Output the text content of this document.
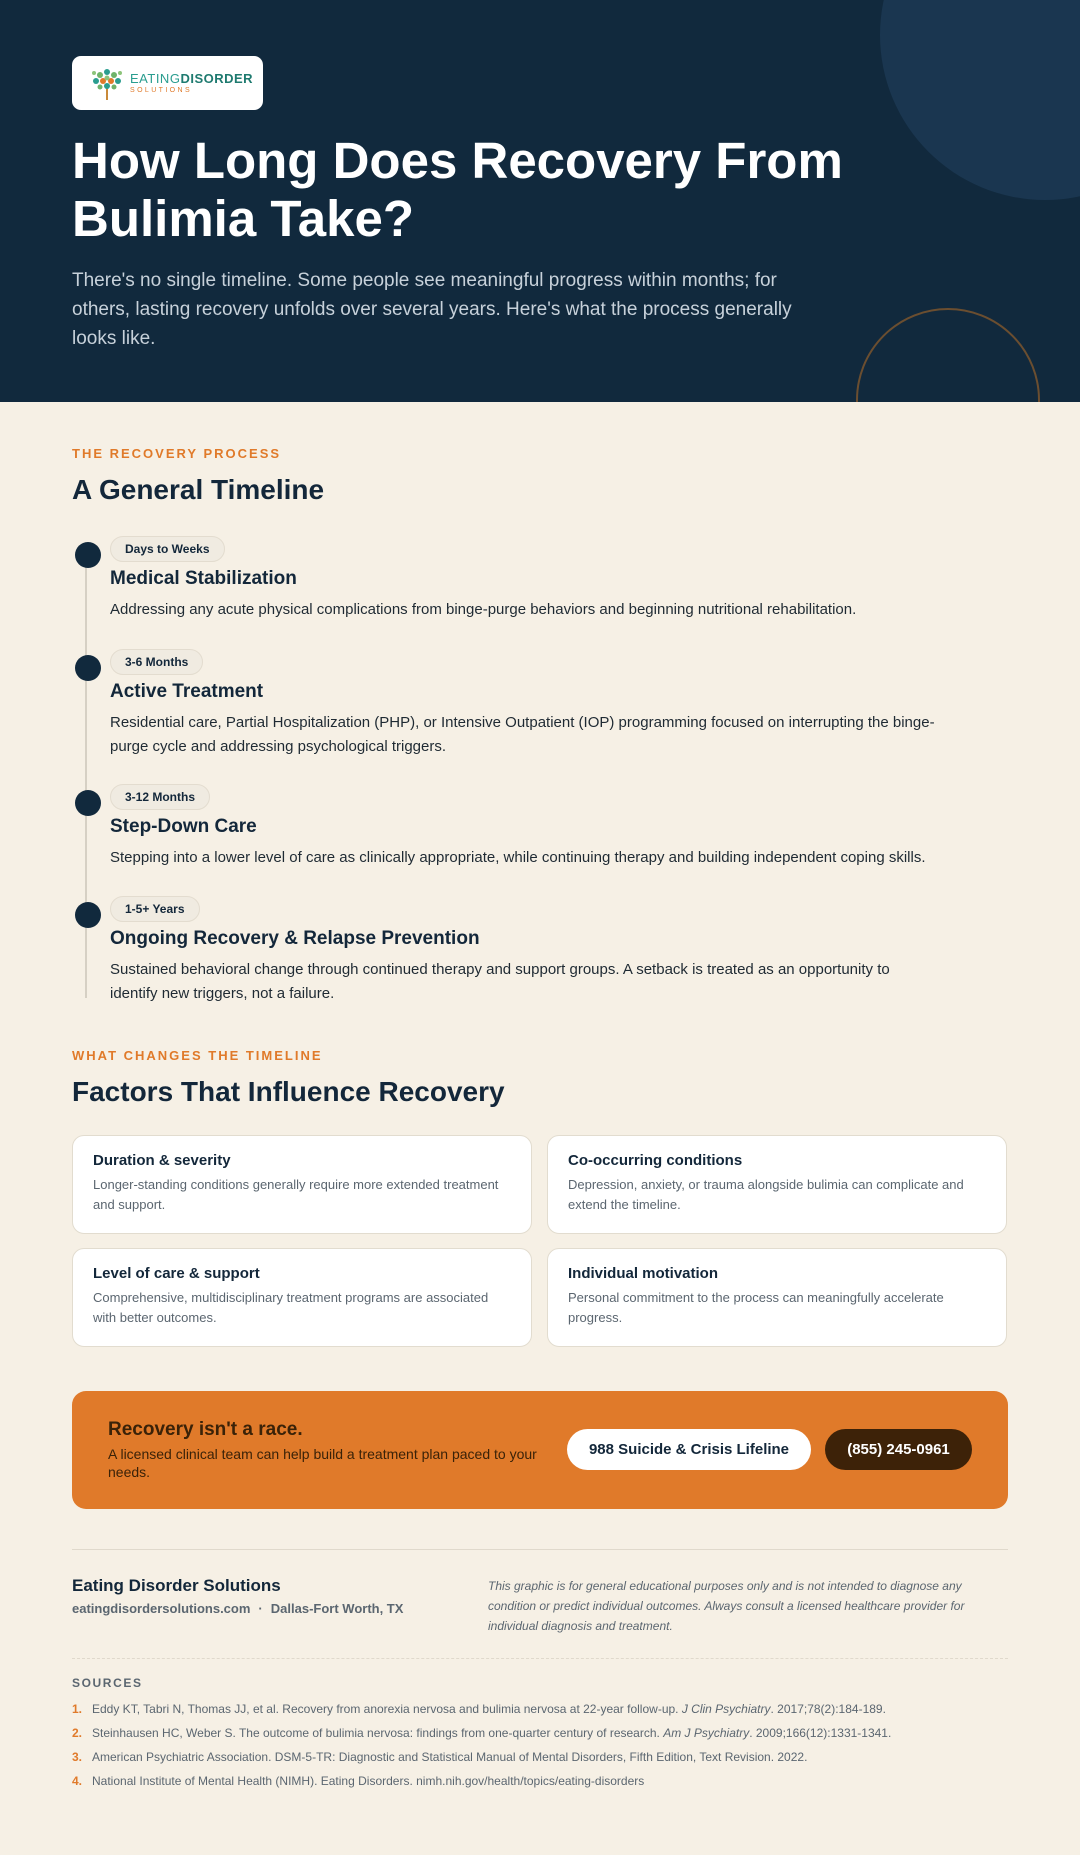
EATINGDISORDER
SOLUTIONS
How Long Does Recovery From Bulimia Take?

There's no single timeline. Some people see meaningful progress within months; for others, lasting recovery unfolds over several years. Here's what the process generally looks like.

THE RECOVERY PROCESS
A General Timeline
Days to Weeks
Medical Stabilization
Addressing any acute physical complications from binge-purge behaviors and beginning nutritional rehabilitation.
3-6 Months
Active Treatment
Residential care, Partial Hospitalization (PHP), or Intensive Outpatient (IOP) programming focused on interrupting the binge-purge cycle and addressing psychological triggers.
3-12 Months
Step-Down Care
Stepping into a lower level of care as clinically appropriate, while continuing therapy and building independent coping skills.
1-5+ Years
Ongoing Recovery & Relapse Prevention
Sustained behavioral change through continued therapy and support groups. A setback is treated as an opportunity to identify new triggers, not a failure.
WHAT CHANGES THE TIMELINE
Factors That Influence Recovery
Duration & severity

Longer-standing conditions generally require more extended treatment and support.

Co-occurring conditions

Depression, anxiety, or trauma alongside bulimia can complicate and extend the timeline.

Level of care & support

Comprehensive, multidisciplinary treatment programs are associated with better outcomes.

Individual motivation

Personal commitment to the process can meaningfully accelerate progress.

Recovery isn't a race.

A licensed clinical team can help build a treatment plan paced to your needs.

988 Suicide & Crisis Lifeline	(855) 245-0961
Eating Disorder Solutions
eatingdisordersolutions.com · Dallas-Fort Worth, TX
This graphic is for general educational purposes only and is not intended to diagnose any condition or predict individual outcomes. Always consult a licensed healthcare provider for individual diagnosis and treatment.
SOURCES
1. Eddy KT, Tabri N, Thomas JJ, et al. Recovery from anorexia nervosa and bulimia nervosa at 22-year follow-up. J Clin Psychiatry. 2017;78(2):184-189.
2. Steinhausen HC, Weber S. The outcome of bulimia nervosa: findings from one-quarter century of research. Am J Psychiatry. 2009;166(12):1331-1341.
3. American Psychiatric Association. DSM-5-TR: Diagnostic and Statistical Manual of Mental Disorders, Fifth Edition, Text Revision. 2022.
4. National Institute of Mental Health (NIMH). Eating Disorders. nimh.nih.gov/health/topics/eating-disorders
